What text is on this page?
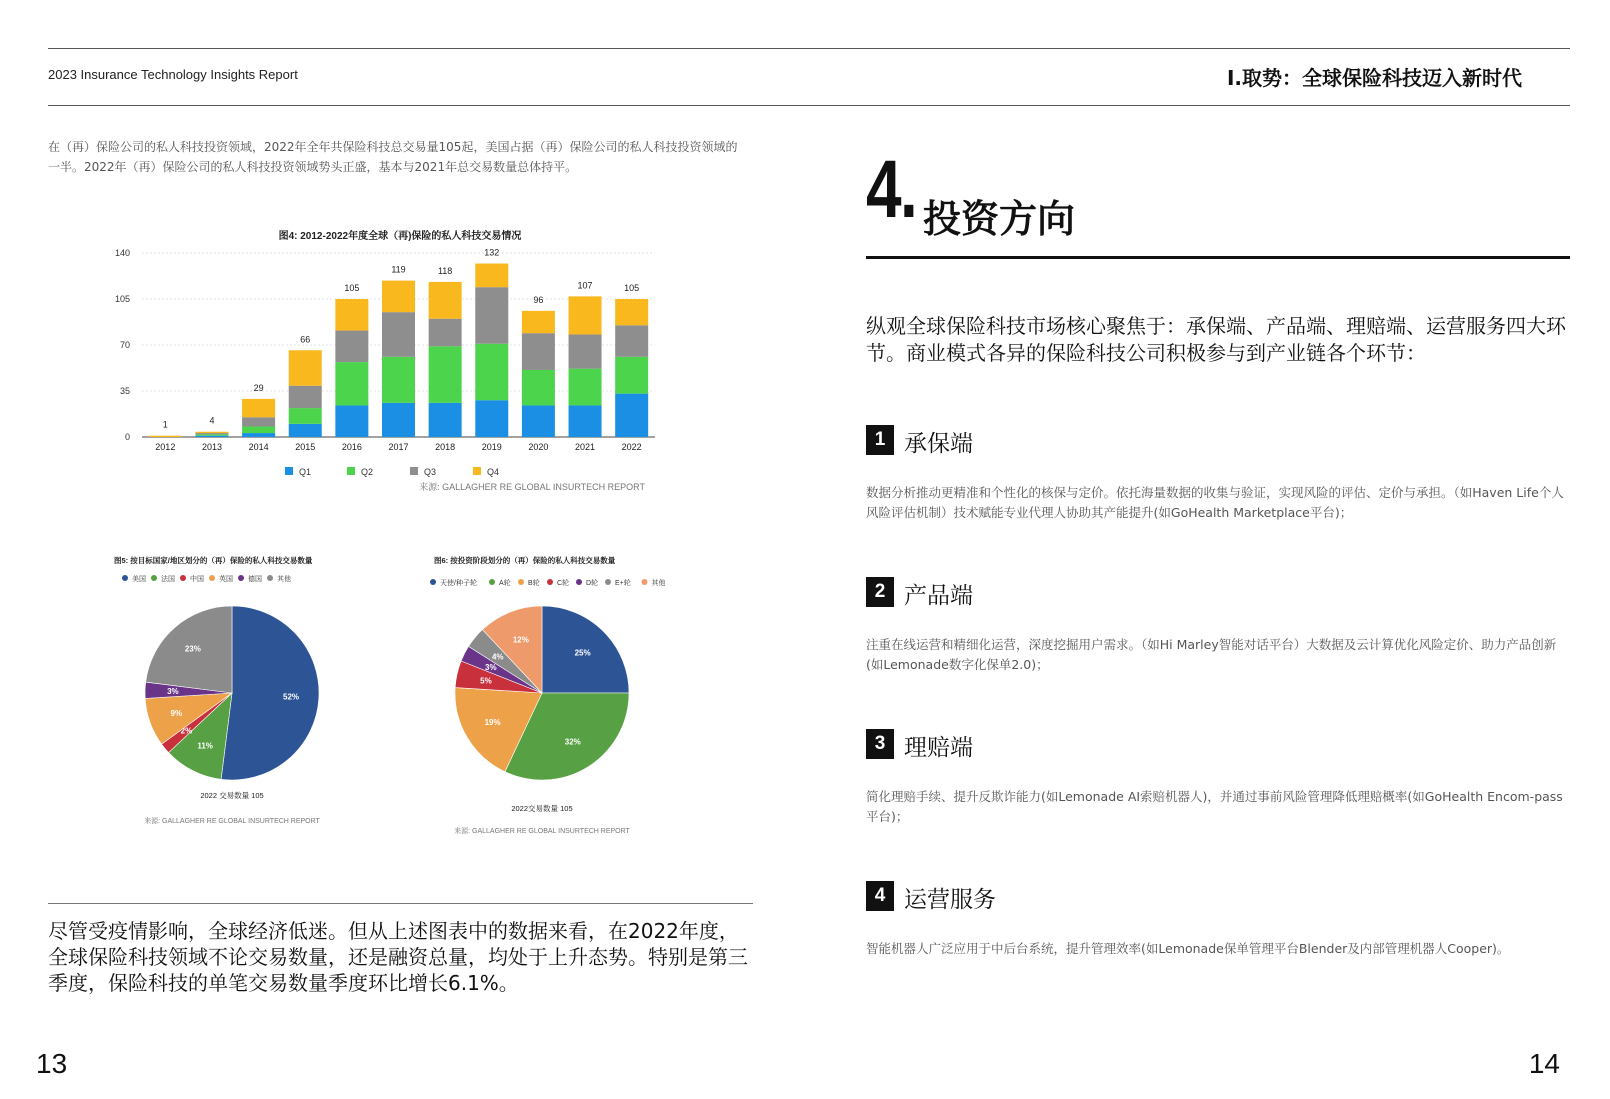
2023 Insurance Technology Insights Report	Ⅰ.取势：全球保险科技迈入新时代
在（再）保险公司的私人科技投资领域，2022年全年共保险科技总交易量105起，美国占据（再）保险公司的私人科技投资领域的一半。2022年（再）保险公司的私人科技投资领域势头正盛，基本与2021年总交易数量总体持平。
图4: 2012-2022年度全球（再)保险的私人科技交易情况
0
35
70
105
140
1
2012
4
2013
29
2014
66
2015
105
2016
119
2017
118
2018
132
2019
96
2020
107
2021
105
2022
Q1	Q2	Q3	Q4
来源: GALLAGHER RE GLOBAL INSURTECH REPORT
图5: 按目标国家/地区划分的（再）保险的私人科技交易数量
美国 法国 中国 英国 德国 其他
52%
11%
2%
9%
3%
23%
2022 交易数量 105
来源: GALLAGHER RE GLOBAL INSURTECH REPORT
图6: 按投资阶段划分的（再）保险的私人科技交易数量
天使/种子轮	A轮 B轮 C轮 D轮 E+轮	其他
25%
32%
19%
5%
3%
4%
12%
2022交易数量 105
来源: GALLAGHER RE GLOBAL INSURTECH REPORT
尽管受疫情影响，全球经济低迷。但从上述图表中的数据来看，在2022年度，全球保险科技领域不论交易数量，还是融资总量，均处于上升态势。特别是第三季度，保险科技的单笔交易数量季度环比增长6.1%。
13
4. 投资方向
纵观全球保险科技市场核心聚焦于：承保端、产品端、理赔端、运营服务四大环节。商业模式各异的保险科技公司积极参与到产业链各个环节：
1 承保端
数据分析推动更精准和个性化的核保与定价。依托海量数据的收集与验证，实现风险的评估、定价与承担。（如Haven Life个人风险评估机制）技术赋能专业代理人协助其产能提升(如GoHealth Marketplace平台)；
2 产品端
注重在线运营和精细化运营，深度挖掘用户需求。（如Hi Marley智能对话平台）大数据及云计算优化风险定价、助力产品创新(如Lemonade数字化保单2.0)；
3 理赔端
简化理赔手续、提升反欺诈能力(如Lemonade AI索赔机器人)，并通过事前风险管理降低理赔概率(如GoHealth Encom-pass平台)；
4 运营服务
智能机器人广泛应用于中后台系统，提升管理效率(如Lemonade保单管理平台Blender及内部管理机器人Cooper)。
14
